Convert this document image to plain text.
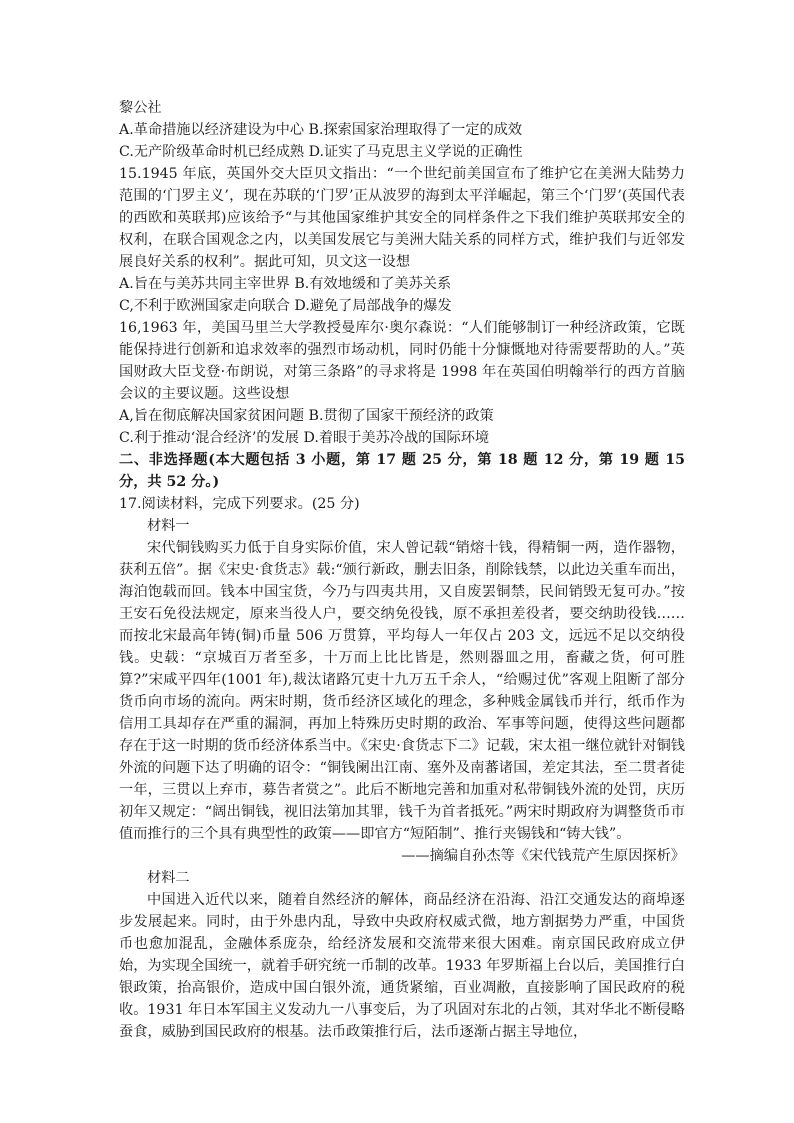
黎公社

A.革命措施以经济建设为中心 B.探索国家治理取得了一定的成效

C.无产阶级革命时机已经成熟 D.证实了马克思主义学说的正确性

15.1945 年底，英国外交大臣贝文指出：“一个世纪前美国宣布了维护它在美洲大陆势力范围的‘门罗主义’，现在苏联的‘门罗’正从波罗的海到太平洋崛起，第三个‘门罗’(英国代表的西欧和英联邦)应该给予“与其他国家维护其安全的同样条件之下我们维护英联邦安全的权利，在联合国观念之内，以美国发展它与美洲大陆关系的同样方式，维护我们与近邻发展良好关系的权利”。据此可知，贝文这一设想

A.旨在与美苏共同主宰世界 B.有效地缓和了美苏关系

C,不利于欧洲国家走向联合 D.避免了局部战争的爆发

16,1963 年，美国马里兰大学教授曼库尔·奥尔森说：“人们能够制订一种经济政策，它既能保持进行创新和追求效率的强烈市场动机，同时仍能十分慷慨地对待需要帮助的人。”英国财政大臣戈登·布朗说，对第三条路”的寻求将是 1998 年在英国伯明翰举行的西方首脑会议的主要议题。这些设想

A,旨在彻底解决国家贫困问题 B.贯彻了国家干预经济的政策

C.利于推动‘混合经济’的发展 D.着眼于美苏冷战的国际环境

二、非选择题(本大题包括 3 小题，第 17 题 25 分，第 18 题 12 分，第 19 题 15 分，共 52 分。)

17.阅读材料，完成下列要求。(25 分)

材料一

宋代铜钱购买力低于自身实际价值，宋人曾记载“销熔十钱，得精铜一两，造作器物，获利五倍”。据《宋史·食货志》载:“颁行新政，删去旧条，削除钱禁，以此边关重车而出，海泊饱载而回。钱本中国宝货，今乃与四夷共用，又自废罢铜禁，民间销毁无复可办。”按王安石免役法规定，原来当役人户，要交纳免役钱，原不承担差役者，要交纳助役钱……而按北宋最高年铸(铜)币量 506 万贯算，平均每人一年仅占 203 文，远远不足以交纳役钱。史载：“京城百万者至多，十万而上比比皆是，然则器皿之用，畜藏之货，何可胜算?”宋咸平四年(1001 年),裁汰诸路冗吏十九万五千余人，“给赐过优”客观上阻断了部分货币向市场的流向。两宋时期，货币经济区域化的理念，多种贱金属钱币并行，纸币作为信用工具却存在严重的漏洞，再加上特殊历史时期的政治、军事等问题，使得这些问题都存在于这一时期的货币经济体系当中。《宋史·食货志下二》记载，宋太祖一继位就针对铜钱外流的问题下达了明确的诏令：“铜钱阑出江南、塞外及南蕃诸国，差定其法，至二贯者徒一年，三贯以上弃市，募告者赏之”。此后不断地完善和加重对私带铜钱外流的处罚，庆历初年又规定：“阔出铜钱，视旧法第加其罪，钱千为首者抵死。”两宋时期政府为调整货币市值而推行的三个具有典型性的政策——即官方“短陌制”、推行夹锡钱和“铸大钱”。

——摘编自孙杰等《宋代钱荒产生原因探析》

材料二

中国进入近代以来，随着自然经济的解体，商品经济在沿海、沿江交通发达的商埠逐步发展起来。同时，由于外患内乱，导致中央政府权威式微，地方割据势力严重，中国货币也愈加混乱，金融体系庞杂，给经济发展和交流带来很大困难。南京国民政府成立伊始，为实现全国统一，就着手研究统一币制的改革。1933 年罗斯福上台以后，美国推行白银政策，抬高银价，造成中国白银外流，通货紧缩，百业凋敝，直接影响了国民政府的税收。1931 年日本军国主义发动九一八事变后，为了巩固对东北的占领，其对华北不断侵略蚕食，威胁到国民政府的根基。法币政策推行后，法币逐渐占据主导地位，
